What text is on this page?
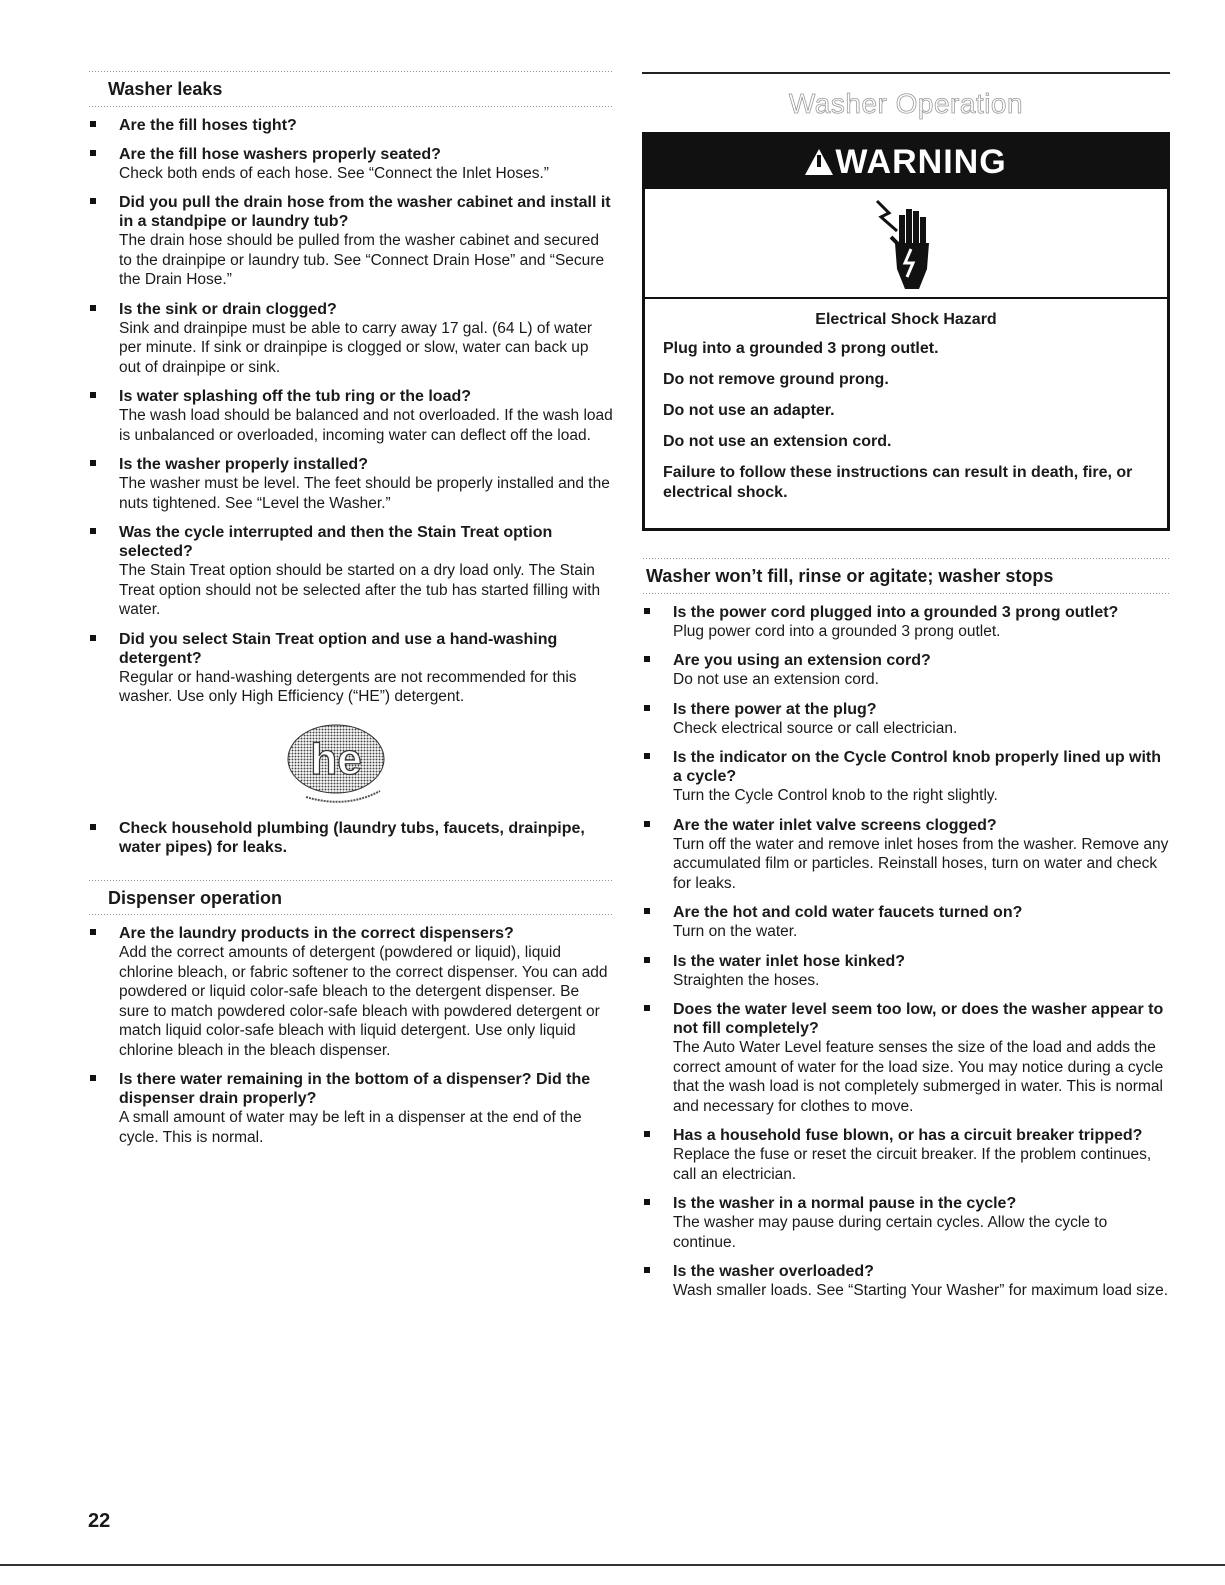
Washer leaks
Are the fill hoses tight?
Are the fill hose washers properly seated?
Check both ends of each hose. See “Connect the Inlet Hoses.”
Did you pull the drain hose from the washer cabinet and install it in a standpipe or laundry tub?
The drain hose should be pulled from the washer cabinet and secured to the drainpipe or laundry tub. See “Connect Drain Hose” and “Secure the Drain Hose.”
Is the sink or drain clogged?
Sink and drainpipe must be able to carry away 17 gal. (64 L) of water per minute. If sink or drainpipe is clogged or slow, water can back up out of drainpipe or sink.
Is water splashing off the tub ring or the load?
The wash load should be balanced and not overloaded. If the wash load is unbalanced or overloaded, incoming water can deflect off the load.
Is the washer properly installed?
The washer must be level. The feet should be properly installed and the nuts tightened. See “Level the Washer.”
Was the cycle interrupted and then the Stain Treat option selected?
The Stain Treat option should be started on a dry load only. The Stain Treat option should not be selected after the tub has started filling with water.
Did you select Stain Treat option and use a hand-washing detergent?
Regular or hand-washing detergents are not recommended for this washer. Use only High Efficiency (“HE”) detergent.
he
Check household plumbing (laundry tubs, faucets, drainpipe, water pipes) for leaks.
Dispenser operation
Are the laundry products in the correct dispensers?
Add the correct amounts of detergent (powdered or liquid), liquid chlorine bleach, or fabric softener to the correct dispenser. You can add powdered or liquid color-safe bleach to the detergent dispenser. Be sure to match powdered color-safe bleach with powdered detergent or match liquid color-safe bleach with liquid detergent. Use only liquid chlorine bleach in the bleach dispenser.
Is there water remaining in the bottom of a dispenser? Did the dispenser drain properly?
A small amount of water may be left in a dispenser at the end of the cycle. This is normal.
Washer Operation
WARNING
Electrical Shock Hazard
Plug into a grounded 3 prong outlet.
Do not remove ground prong.
Do not use an adapter.
Do not use an extension cord.
Failure to follow these instructions can result in death, fire, or electrical shock.
Washer won’t fill, rinse or agitate; washer stops
Is the power cord plugged into a grounded 3 prong outlet?
Plug power cord into a grounded 3 prong outlet.
Are you using an extension cord?
Do not use an extension cord.
Is there power at the plug?
Check electrical source or call electrician.
Is the indicator on the Cycle Control knob properly lined up with a cycle?
Turn the Cycle Control knob to the right slightly.
Are the water inlet valve screens clogged?
Turn off the water and remove inlet hoses from the washer. Remove any accumulated film or particles. Reinstall hoses, turn on water and check for leaks.
Are the hot and cold water faucets turned on?
Turn on the water.
Is the water inlet hose kinked?
Straighten the hoses.
Does the water level seem too low, or does the washer appear to not fill completely?
The Auto Water Level feature senses the size of the load and adds the correct amount of water for the load size. You may notice during a cycle that the wash load is not completely submerged in water. This is normal and necessary for clothes to move.
Has a household fuse blown, or has a circuit breaker tripped?
Replace the fuse or reset the circuit breaker. If the problem continues, call an electrician.
Is the washer in a normal pause in the cycle?
The washer may pause during certain cycles. Allow the cycle to continue.
Is the washer overloaded?
Wash smaller loads. See “Starting Your Washer” for maximum load size.
22
